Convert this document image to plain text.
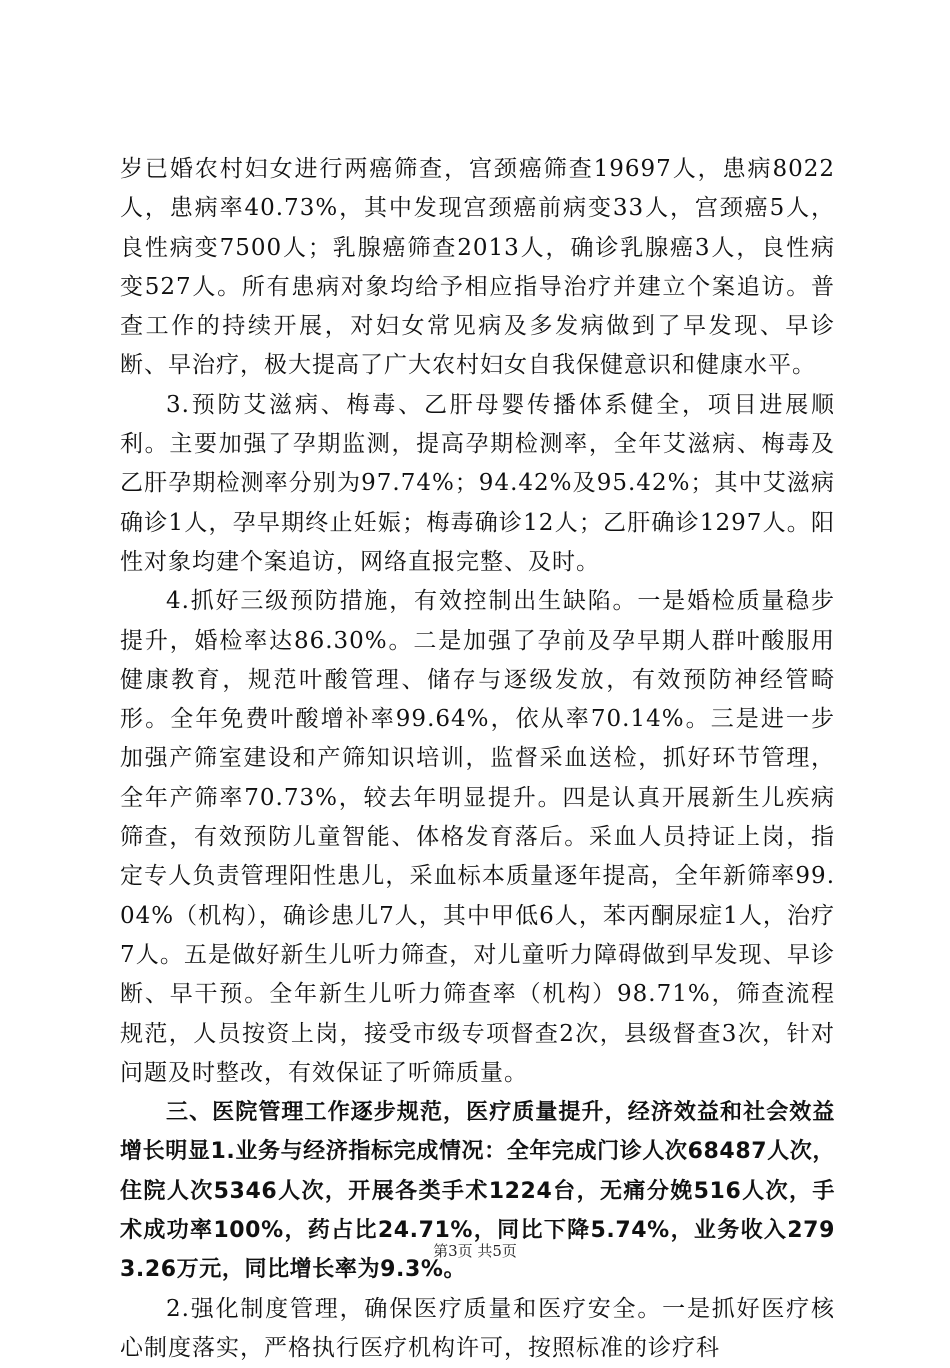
岁已婚农村妇女进行两癌筛查，宫颈癌筛查19697人，患病8022人，患病率40.73%，其中发现宫颈癌前病变33人，宫颈癌5人，良性病变7500人；乳腺癌筛查2013人，确诊乳腺癌3人，良性病变527人。所有患病对象均给予相应指导治疗并建立个案追访。普查工作的持续开展，对妇女常见病及多发病做到了早发现、早诊断、早治疗，极大提高了广大农村妇女自我保健意识和健康水平。

3.预防艾滋病、梅毒、乙肝母婴传播体系健全，项目进展顺利。主要加强了孕期监测，提高孕期检测率，全年艾滋病、梅毒及乙肝孕期检测率分别为97.74%；94.42%及95.42%；其中艾滋病确诊1人，孕早期终止妊娠；梅毒确诊12人；乙肝确诊1297人。阳性对象均建个案追访，网络直报完整、及时。

4.抓好三级预防措施，有效控制出生缺陷。一是婚检质量稳步提升，婚检率达86.30%。二是加强了孕前及孕早期人群叶酸服用健康教育，规范叶酸管理、储存与逐级发放，有效预防神经管畸形。全年免费叶酸增补率99.64%，依从率70.14%。三是进一步加强产筛室建设和产筛知识培训，监督采血送检，抓好环节管理，全年产筛率70.73%，较去年明显提升。四是认真开展新生儿疾病筛查，有效预防儿童智能、体格发育落后。采血人员持证上岗，指定专人负责管理阳性患儿，采血标本质量逐年提高，全年新筛率99.04%（机构），确诊患儿7人，其中甲低6人，苯丙酮尿症1人，治疗7人。五是做好新生儿听力筛查，对儿童听力障碍做到早发现、早诊断、早干预。全年新生儿听力筛查率（机构）98.71%，筛查流程规范，人员按资上岗，接受市级专项督查2次，县级督查3次，针对问题及时整改，有效保证了听筛质量。

三、医院管理工作逐步规范，医疗质量提升，经济效益和社会效益增长明显1.业务与经济指标完成情况：全年完成门诊人次68487人次，住院人次5346人次，开展各类手术1224台，无痛分娩516人次，手术成功率100%，药占比24.71%，同比下降5.74%，业务收入2793.26万元，同比增长率为9.3%。

2.强化制度管理，确保医疗质量和医疗安全。一是抓好医疗核心制度落实，严格执行医疗机构许可，按照标准的诊疗科

第3页 共5页
